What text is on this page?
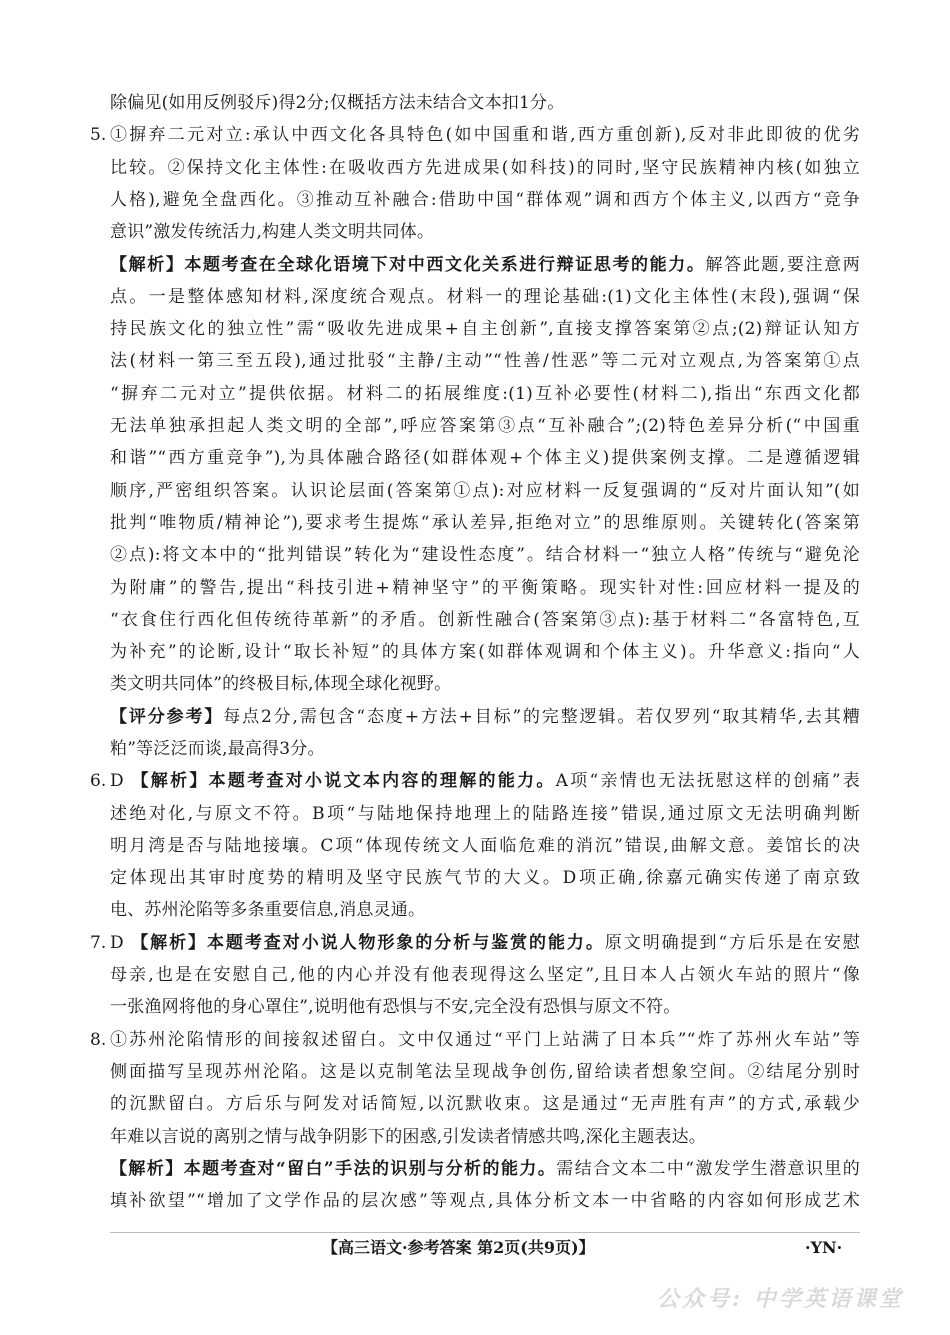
除偏见(如用反例驳斥)得2分;仅概括方法未结合文本扣1分。
5. ①摒弃二元对立:承认中西文化各具特色(如中国重和谐,西方重创新),反对非此即彼的优劣
比较。②保持文化主体性:在吸收西方先进成果(如科技)的同时,坚守民族精神内核(如独立
人格),避免全盘西化。③推动互补融合:借助中国“群体观”调和西方个体主义,以西方“竞争
意识”激发传统活力,构建人类文明共同体。
【解析】本题考查在全球化语境下对中西文化关系进行辩证思考的能力。解答此题,要注意两
点。一是整体感知材料,深度统合观点。材料一的理论基础:(1)文化主体性(末段),强调“保
持民族文化的独立性”需“吸收先进成果+自主创新”,直接支撑答案第②点;(2)辩证认知方
法(材料一第三至五段),通过批驳“主静/主动”“性善/性恶”等二元对立观点,为答案第①点
“摒弃二元对立”提供依据。材料二的拓展维度:(1)互补必要性(材料二),指出“东西文化都
无法单独承担起人类文明的全部”,呼应答案第③点“互补融合”;(2)特色差异分析(“中国重
和谐”“西方重竞争”),为具体融合路径(如群体观+个体主义)提供案例支撑。二是遵循逻辑
顺序,严密组织答案。认识论层面(答案第①点):对应材料一反复强调的“反对片面认知”(如
批判“唯物质/精神论”),要求考生提炼“承认差异,拒绝对立”的思维原则。关键转化(答案第
②点):将文本中的“批判错误”转化为“建设性态度”。结合材料一“独立人格”传统与“避免沦
为附庸”的警告,提出“科技引进+精神坚守”的平衡策略。现实针对性:回应材料一提及的
“衣食住行西化但传统待革新”的矛盾。创新性融合(答案第③点):基于材料二“各富特色,互
为补充”的论断,设计“取长补短”的具体方案(如群体观调和个体主义)。升华意义:指向“人
类文明共同体”的终极目标,体现全球化视野。
【评分参考】每点2分,需包含“态度+方法+目标”的完整逻辑。若仅罗列“取其精华,去其糟
粕”等泛泛而谈,最高得3分。
6. D 【解析】本题考查对小说文本内容的理解的能力。A项“亲情也无法抚慰这样的创痛”表
述绝对化,与原文不符。B项“与陆地保持地理上的陆路连接”错误,通过原文无法明确判断
明月湾是否与陆地接壤。C项“体现传统文人面临危难的消沉”错误,曲解文意。姜馆长的决
定体现出其审时度势的精明及坚守民族气节的大义。D项正确,徐嘉元确实传递了南京致
电、苏州沦陷等多条重要信息,消息灵通。
7. D 【解析】本题考查对小说人物形象的分析与鉴赏的能力。原文明确提到“方后乐是在安慰
母亲,也是在安慰自己,他的内心并没有他表现得这么坚定”,且日本人占领火车站的照片“像
一张渔网将他的身心罩住”,说明他有恐惧与不安,完全没有恐惧与原文不符。
8. ①苏州沦陷情形的间接叙述留白。文中仅通过“平门上站满了日本兵”“炸了苏州火车站”等
侧面描写呈现苏州沦陷。这是以克制笔法呈现战争创伤,留给读者想象空间。②结尾分别时
的沉默留白。方后乐与阿发对话简短,以沉默收束。这是通过“无声胜有声”的方式,承载少
年难以言说的离别之情与战争阴影下的困惑,引发读者情感共鸣,深化主题表达。
【解析】本题考查对“留白”手法的识别与分析的能力。需结合文本二中“激发学生潜意识里的
填补欲望”“增加了文学作品的层次感”等观点,具体分析文本一中省略的内容如何形成艺术
【高三语文·参考答案 第2页(共9页)】	·YN·
公众号: 中学英语课堂
